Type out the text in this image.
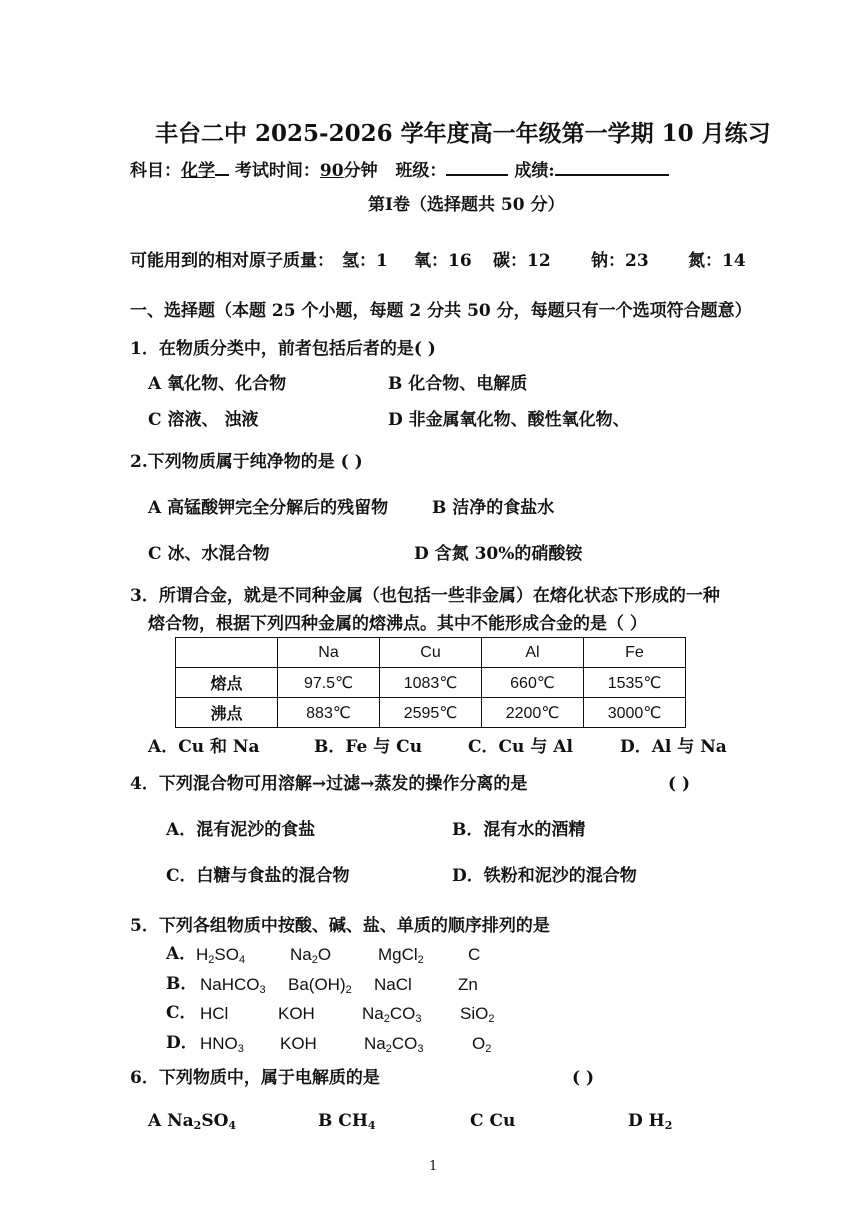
丰台二中 2025-2026 学年度高一年级第一学期 10 月练习
科目：化学 考试时间：90分钟 班级：	成绩:
第Ⅰ卷（选择题共 50 分）
可能用到的相对原子质量： 氢：1 氧：16 碳：12 钠：23 氮：14
一、选择题（本题 25 个小题，每题 2 分共 50 分，每题只有一个选项符合题意）
1．在物质分类中，前者包括后者的是( )
A 氧化物、化合物	B 化合物、电解质
C 溶液、 浊液	D 非金属氧化物、酸性氧化物、
2.下列物质属于纯净物的是 ( )
A 高锰酸钾完全分解后的残留物	B 洁净的食盐水
C 冰、水混合物	D 含氮 30%的硝酸铵
3．所谓合金，就是不同种金属（也包括一些非金属）在熔化状态下形成的一种
熔合物，根据下列四种金属的熔沸点。其中不能形成合金的是（ ）
	Na	Cu	Al	Fe
熔点	97.5℃	1083℃	660℃	1535℃
沸点	883℃	2595℃	2200℃	3000℃
A．Cu 和 Na	B．Fe 与 Cu	C．Cu 与 Al	D．Al 与 Na
4．下列混合物可用溶解→过滤→蒸发的操作分离的是	( )
A．混有泥沙的食盐	B．混有水的酒精
C．白糖与食盐的混合物	D．铁粉和泥沙的混合物
5．下列各组物质中按酸、碱、盐、单质的顺序排列的是
A． $H_2SO_4$	$Na_2O$	MgCl$_2$	C
B． NaHCO$_3$ $Ba(OH)_2$ NaCl	Zn
C． HCl	KOH	$Na_2CO_3$ SiO$_2$
D． $HNO_3$ KOH	$Na_2CO_3$	$O_2$
6．下列物质中，属于电解质的是	( )
A $Na_2SO_4$	B $CH_4$	C Cu	D $H_2$
1
